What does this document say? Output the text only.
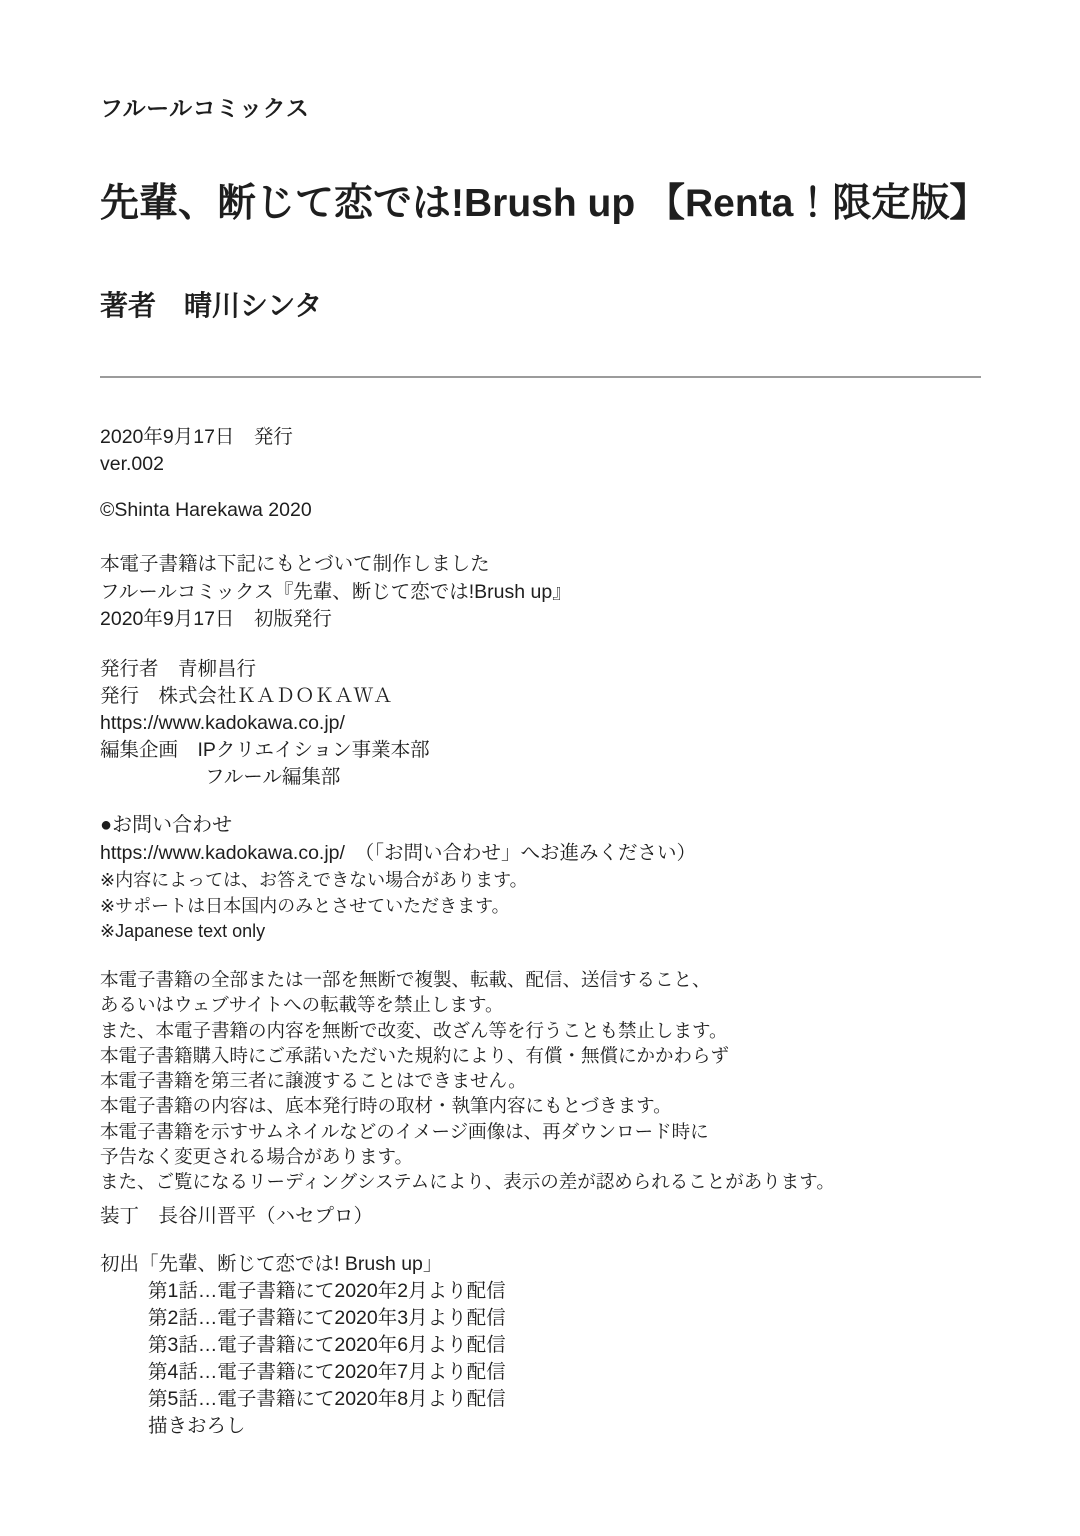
フルールコミックス
先輩、断じて恋では!Brush up 【Renta！限定版】
著者 晴川シンタ
2020年9月17日　発行
ver.002
©Shinta Harekawa 2020
本電子書籍は下記にもとづいて制作しました
フルールコミックス『先輩、断じて恋では!Brush up』
2020年9月17日　初版発行
発行者　青柳昌行
発行　株式会社ＫＡＤＯＫＡＷＡ
https://www.kadokawa.co.jp/
編集企画　IPクリエイション事業本部
フルール編集部
●お問い合わせ
https://www.kadokawa.co.jp/　（「お問い合わせ」へお進みください）
※内容によっては、お答えできない場合があります。
※サポートは日本国内のみとさせていただきます。
※Japanese text only
本電子書籍の全部または一部を無断で複製、転載、配信、送信すること、
あるいはウェブサイトへの転載等を禁止します。
また、本電子書籍の内容を無断で改変、改ざん等を行うことも禁止します。
本電子書籍購入時にご承諾いただいた規約により、有償・無償にかかわらず
本電子書籍を第三者に譲渡することはできません。
本電子書籍の内容は、底本発行時の取材・執筆内容にもとづきます。
本電子書籍を示すサムネイルなどのイメージ画像は、再ダウンロード時に
予告なく変更される場合があります。
また、ご覧になるリーディングシステムにより、表示の差が認められることがあります。
装丁　長谷川晋平（ハセプロ）
初出 「先輩、断じて恋では! Brush up」
第1話…電子書籍にて2020年2月より配信
第2話…電子書籍にて2020年3月より配信
第3話…電子書籍にて2020年6月より配信
第4話…電子書籍にて2020年7月より配信
第5話…電子書籍にて2020年8月より配信
描きおろし
